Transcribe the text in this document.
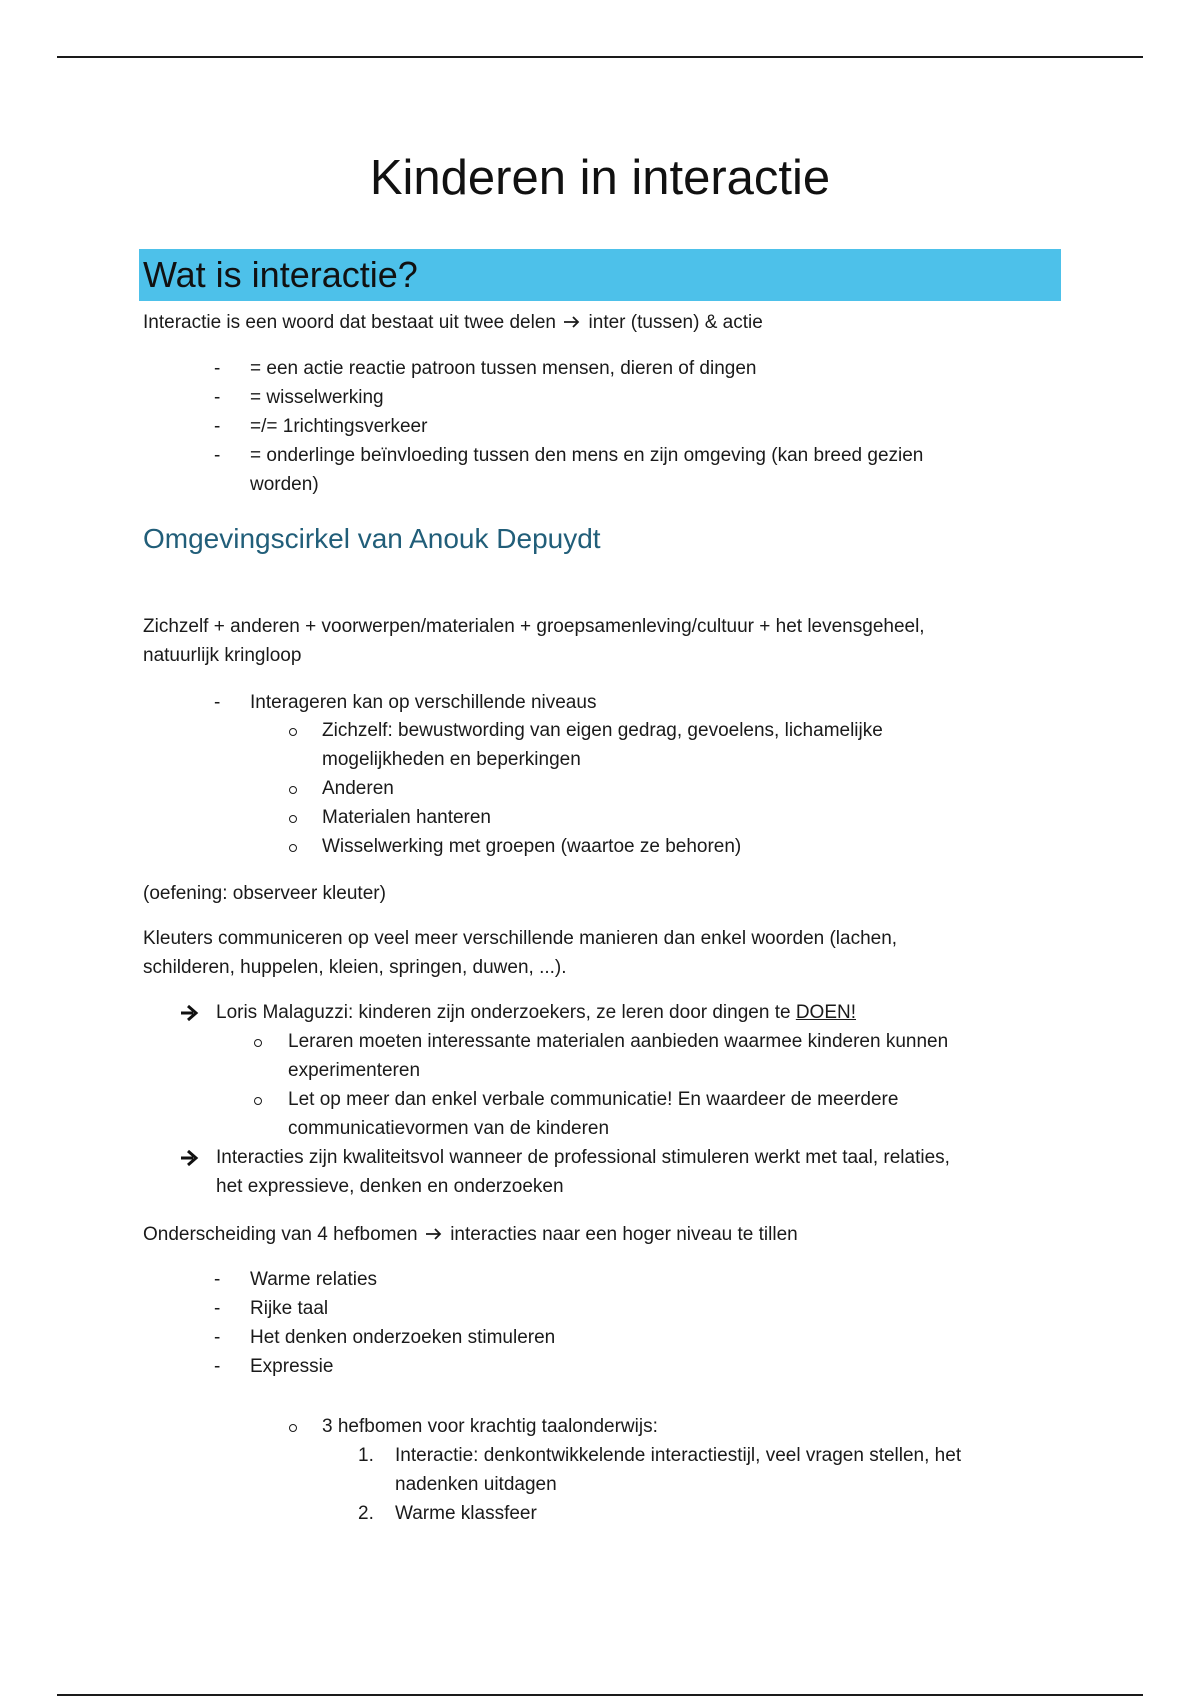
Kinderen in interactie
Wat is interactie?

Interactie is een woord dat bestaat uit twee delen inter (tussen) & actie

- = een actie reactie patroon tussen mensen, dieren of dingen

- = wisselwerking

- =/= 1richtingsverkeer

- = onderlinge beïnvloeding tussen den mens en zijn omgeving (kan breed gezien

worden)

Omgevingscirkel van Anouk Depuydt

Zichzelf + anderen + voorwerpen/materialen + groepsamenleving/cultuur + het levensgeheel,

natuurlijk kringloop

- Interageren kan op verschillende niveaus

Zichzelf: bewustwording van eigen gedrag, gevoelens, lichamelijke

mogelijkheden en beperkingen

Anderen

Materialen hanteren

Wisselwerking met groepen (waartoe ze behoren)

(oefening: observeer kleuter)

Kleuters communiceren op veel meer verschillende manieren dan enkel woorden (lachen,

schilderen, huppelen, kleien, springen, duwen, ...).

Loris Malaguzzi: kinderen zijn onderzoekers, ze leren door dingen te DOEN!

Leraren moeten interessante materialen aanbieden waarmee kinderen kunnen

experimenteren

Let op meer dan enkel verbale communicatie! En waardeer de meerdere

communicatievormen van de kinderen

Interacties zijn kwaliteitsvol wanneer de professional stimuleren werkt met taal, relaties,

het expressieve, denken en onderzoeken

Onderscheiding van 4 hefbomen interacties naar een hoger niveau te tillen

- Warme relaties

- Rijke taal

- Het denken onderzoeken stimuleren

- Expressie

3 hefbomen voor krachtig taalonderwijs:

1. Interactie: denkontwikkelende interactiestijl, veel vragen stellen, het

nadenken uitdagen

2. Warme klassfeer
